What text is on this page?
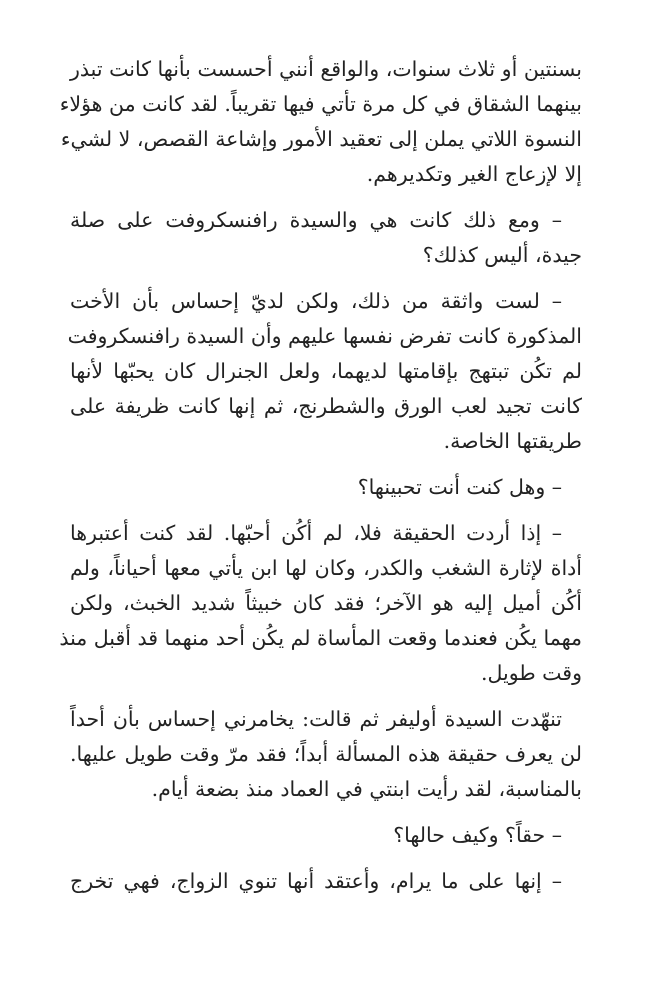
بسنتين أو ثلاث سنوات، والواقع أنني أحسست بأنها كانت تبذر
بينهما الشقاق في كل مرة تأتي فيها تقريباً. لقد كانت من هؤلاء
النسوة اللاتي يملن إلى تعقيد الأمور وإشاعة القصص، لا لشيء
إلا لإزعاج الغير وتكديرهم.

– ومع ذلك كانت هي والسيدة رافنسكروفت على صلة
جيدة، أليس كذلك؟

– لست واثقة من ذلك، ولكن لديّ إحساس بأن الأخت
المذكورة كانت تفرض نفسها عليهم وأن السيدة رافنسكروفت
لم تكُن تبتهج بإقامتها لديهما، ولعل الجنرال كان يحبّها لأنها
كانت تجيد لعب الورق والشطرنج، ثم إنها كانت ظريفة على
طريقتها الخاصة.

– وهل كنت أنت تحبينها؟

– إذا أردت الحقيقة فلا، لم أكُن أحبّها. لقد كنت أعتبرها
أداة لإثارة الشغب والكدر، وكان لها ابن يأتي معها أحياناً، ولم
أكُن أميل إليه هو الآخر؛ فقد كان خبيثاً شديد الخبث، ولكن
مهما يكُن فعندما وقعت المأساة لم يكُن أحد منهما قد أقبل منذ
وقت طويل.

تنهّدت السيدة أوليفر ثم قالت: يخامرني إحساس بأن أحداً
لن يعرف حقيقة هذه المسألة أبداً؛ فقد مرّ وقت طويل عليها.
بالمناسبة، لقد رأيت ابنتي في العماد منذ بضعة أيام.

– حقاً؟ وكيف حالها؟

– إنها على ما يرام، وأعتقد أنها تنوي الزواج، فهي تخرج
